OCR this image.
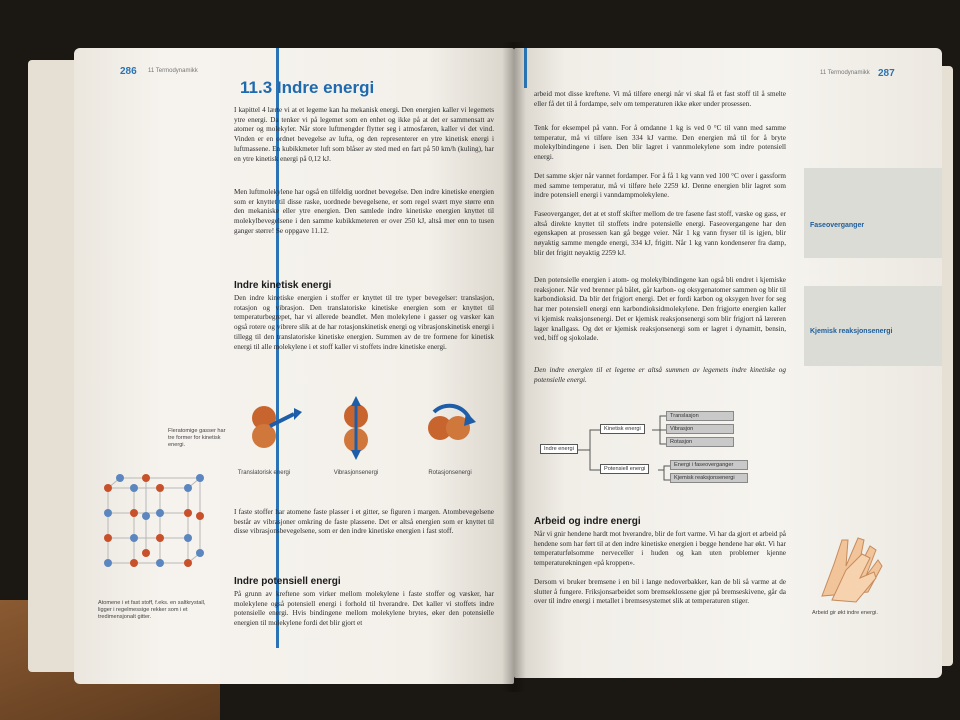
286 11 Termodynamikk
11.3 Indre energi
I kapittel 4 lærte vi at et legeme kan ha mekanisk energi. Den energien kaller vi legemets ytre energi. Da tenker vi på legemet som en enhet og ikke på at det er sammensatt av atomer og molekyler. Når store luftmengder flytter seg i atmosfæren, kaller vi det vind. Vinden er en ordnet bevegelse av lufta, og den representerer en ytre kinetisk energi i luftmassene. En kubikkmeter luft som blåser av sted med en fart på 50 km/h (kuling), har en ytre kinetisk energi på 0,12 kJ.
Men luftmolekylene har også en tilfeldig uordnet bevegelse. Den indre kinetiske energien som er knyttet til disse raske, uordnede bevegelsene, er som regel svært mye større enn den mekaniske eller ytre energien. Den samlede indre kinetiske energien knyttet til molekylbevegelsene i den samme kubikkmeteren er over 250 kJ, altså mer enn to tusen ganger større! Se oppgave 11.12.
Indre kinetisk energi
Den indre kinetiske energien i stoffer er knyttet til tre typer bevegelser: translasjon, rotasjon og vibrasjon. Den translatoriske kinetiske energien som er knyttet til temperaturbegrepet, har vi allerede beandlet. Men molekylene i gasser og væsker kan også rotere og vibrere slik at de har rotasjonskinetisk energi og vibrasjonskinetisk energi i tillegg til den translatoriske kinetiske energien. Summen av de tre formene for kinetisk energi til alle molekylene i et stoff kaller vi stoffets indre kinetiske energi.
Fleratomige gasser har tre former for kinetisk energi.
Translatorisk energi	Vibrasjonsenergi	Rotasjonsenergi
Atomene i et fast stoff, f.eks. en saltkrystall, ligger i regelmessige rekker som i et tredimensjonalt gitter.
I faste stoffer har atomene faste plasser i et gitter, se figuren i margen. Atombevegelsene består av vibrasjoner omkring de faste plassene. Det er altså energien som er knyttet til disse vibrasjonsbevegelsene, som er den indre kinetiske energien i fast stoff.
Indre potensiell energi
På grunn av kreftene som virker mellom molekylene i faste stoffer og væsker, har molekylene også potensiell energi i forhold til hverandre. Det kaller vi stoffets indre potensielle energi. Hvis bindingene mellom molekylene brytes, øker den potensielle energien til molekylene fordi det blir gjort et
11 Termodynamikk 287
arbeid mot disse kreftene. Vi må tilføre energi når vi skal få et fast stoff til å smelte eller få det til å fordampe, selv om temperaturen ikke øker under prosessen.
Tenk for eksempel på vann. For å omdanne 1 kg is ved 0 °C til vann med samme temperatur, må vi tilføre isen 334 kJ varme. Den energien må til for å bryte molekylbindingene i isen. Den blir lagret i vannmolekylene som indre potensiell energi.
Det samme skjer når vannet fordamper. For å få 1 kg vann ved 100 °C over i gassform med samme temperatur, må vi tilføre hele 2259 kJ. Denne energien blir lagret som indre potensiell energi i vanndampmolekylene.
Faseoverganger, det at et stoff skifter mellom de tre fasene fast stoff, væske og gass, er altså direkte knyttet til stoffets indre potensielle energi. Faseovergangene har den egenskapen at prosessen kan gå begge veier. Når 1 kg vann fryser til is igjen, blir nøyaktig samme mengde energi, 334 kJ, frigitt. Når 1 kg vann kondenserer fra damp, blir det frigitt nøyaktig 2259 kJ.
Den potensielle energien i atom- og molekylbindingene kan også bli endret i kjemiske reaksjoner. Når ved brenner på bålet, går karbon- og oksygenatomer sammen og blir til karbondioksid. Da blir det frigjort energi. Det er fordi karbon og oksygen hver for seg har mer potensiell energi enn karbondioksidmolekylene. Den frigjorte energien kaller vi kjemisk reaksjonsenergi. Det er kjemisk reaksjonsenergi som blir frigjort nå læreren lager knallgass. Og det er kjemisk reaksjonsenergi som er lagret i dynamitt, bensin, ved, biff og sjokolade.
Den indre energien til et legeme er altså summen av legemets indre kinetiske og potensielle energi.
Faseoverganger
Kjemisk reaksjonsenergi
Indre energi
Kinetisk energi
Potensiell energi
Translasjon
Vibrasjon
Rotasjon
Energi i faseoverganger
Kjemisk reaksjonsenergi
Arbeid og indre energi
Når vi gnir hendene hardt mot hverandre, blir de fort varme. Vi har da gjort et arbeid på hendene som har ført til at den indre kinetiske energien i begge hendene har økt. Vi har temperaturfølsomme nerveceller i huden og kan uten problemer kjenne temperaturøkningen «på kroppen».
Dersom vi bruker bremsene i en bil i lange nedoverbakker, kan de bli så varme at de slutter å fungere. Friksjonsarbeidet som bremseklossene gjør på bremseskivene, går da over til indre energi i metallet i bremsesystemet slik at temperaturen stiger.
Arbeid gir økt indre energi.
